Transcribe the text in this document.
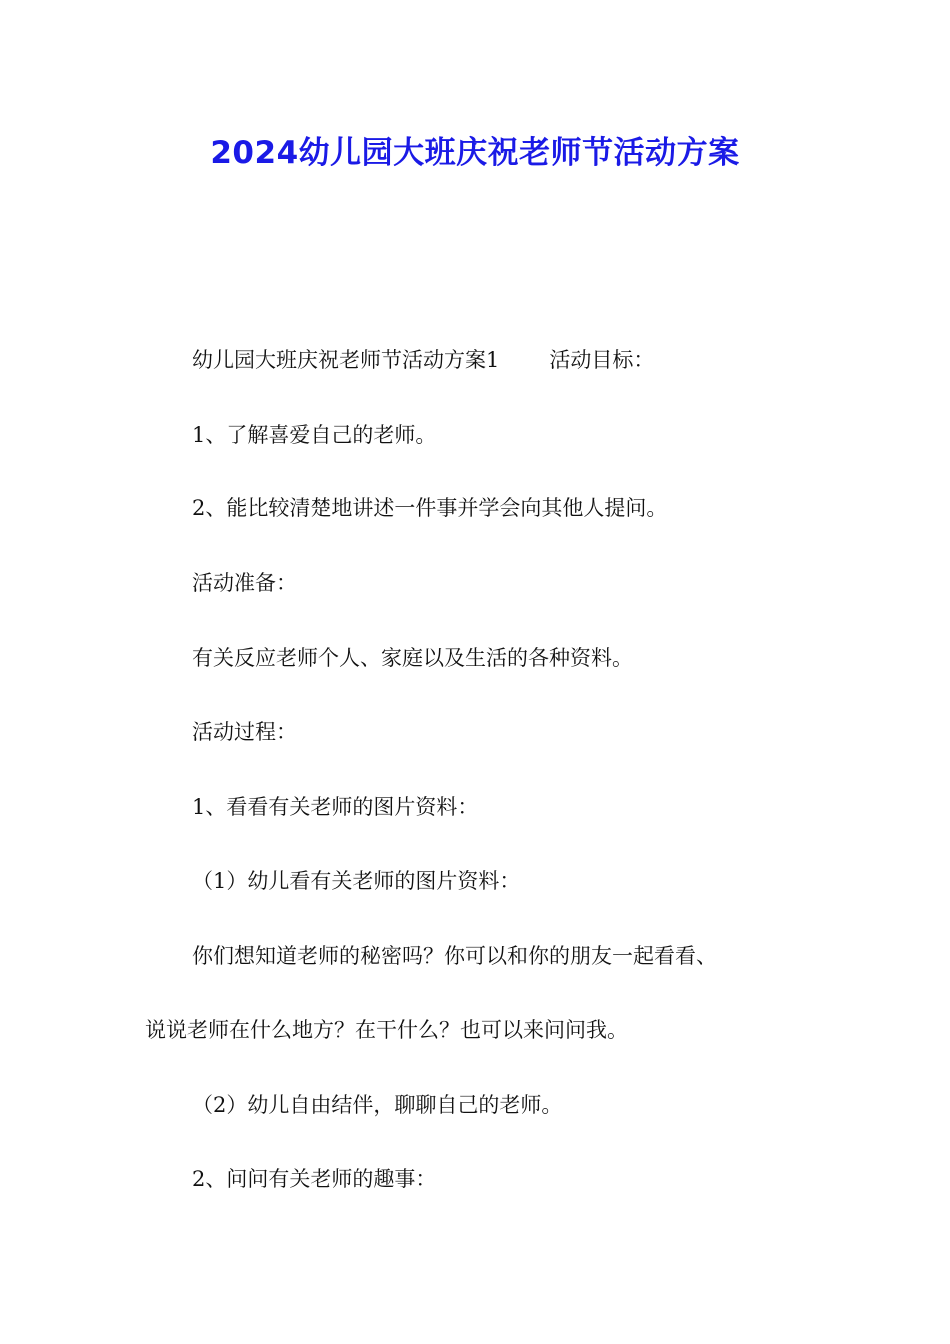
2024幼儿园大班庆祝老师节活动方案
幼儿园大班庆祝老师节活动方案1 活动目标：
1、了解喜爱自己的老师。
2、能比较清楚地讲述一件事并学会向其他人提问。
活动准备：
有关反应老师个人、家庭以及生活的各种资料。
活动过程：
1、看看有关老师的图片资料：
（1）幼儿看有关老师的图片资料：
你们想知道老师的秘密吗？你可以和你的朋友一起看看、
说说老师在什么地方？在干什么？也可以来问问我。
（2）幼儿自由结伴，聊聊自己的老师。
2、问问有关老师的趣事：
